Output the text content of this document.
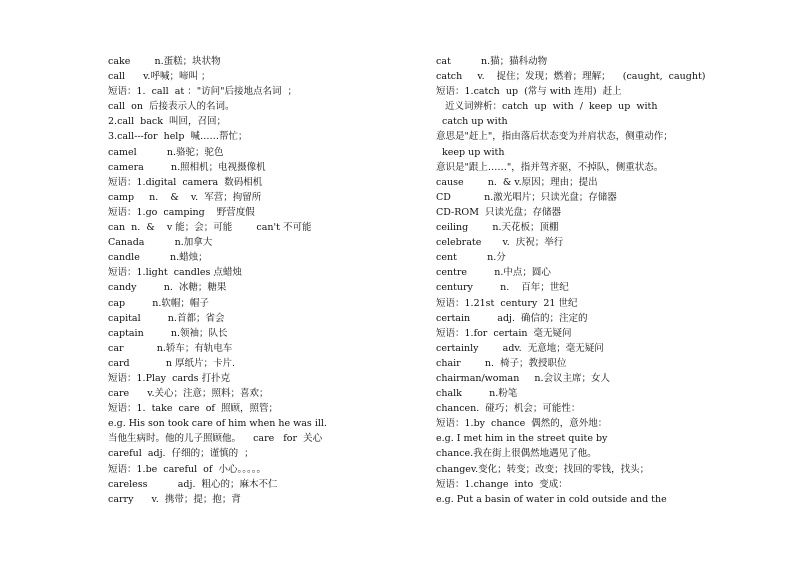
cake        n.蛋糕；块状物
call      v.呼喊；啼叫 ；
短语：1.  call  at ："访问"后接地点名词  ；
call  on  后接表示人的名词。
2.call  back  叫回，召回；
3.call---for  help  喊……帮忙；
camel          n.骆驼；驼色
camera         n.照相机；电视摄像机
短语：1.digital  camera  数码相机
camp     n.    &    v.  军营；拘留所
短语：1.go  camping    野营度假
can  n.  &    v 能；会；可能        can't 不可能
Canada          n.加拿大
candle          n.蜡烛；
短语：1.light  candles 点蜡烛
candy         n.  冰糖；糖果
cap         n.软帽；帽子
capital         n.首都；省会
captain         n.领袖；队长
car           n.轿车；有轨电车
card            n 厚纸片；卡片.
短语：1.Play  cards 打扑克
care      v.关心；注意；照料；喜欢；
短语：1.  take  care  of  照顾，照管；
e.g. His son took care of him when he was ill.
当他生病时。他的儿子照顾他。    care   for  关心
careful  adj.  仔细的；谨慎的  ；
短语：1.be  careful  of  小心。。。。。
careless          adj.  粗心的；麻木不仁
carry      v.  携带；提；抱；背
cat          n.猫；猫科动物
catch     v.    捉住；发现；燃着；理解；    (caught,  caught)
短语：1.catch  up  (常与 with 连用)  赶上
近义词辨析：catch  up  with  /  keep  up  with
catch up with
意思是"赶上"，指由落后状态变为并肩状态，侧重动作；
keep up with
意识是"跟上……"，指并驾齐驱，不掉队，侧重状态。
cause        n.  & v.原因；理由；提出
CD           n.激光唱片；只读光盘；存储器
CD-ROM  只读光盘；存储器
ceiling        n.天花板；顶棚
celebrate       v.  庆祝；举行
cent          n.分
centre         n.中点；圆心
century         n.    百年；世纪
短语：1.21st  century  21 世纪
certain         adj.  确信的；注定的
短语：1.for  certain  毫无疑问
certainly        adv.  无意地；毫无疑问
chair        n.  椅子；教授职位
chairman/woman     n.会议主席；女人
chalk         n.粉笔
chancen.  碰巧；机会；可能性：
短语：1.by  chance  偶然的，意外地：
e.g. I met him in the street quite by
chance.我在街上很偶然地遇见了他。
changev.变化；转变；改变；找回的零钱，找头；
短语：1.change  into  变成：
e.g. Put a basin of water in cold outside and the
